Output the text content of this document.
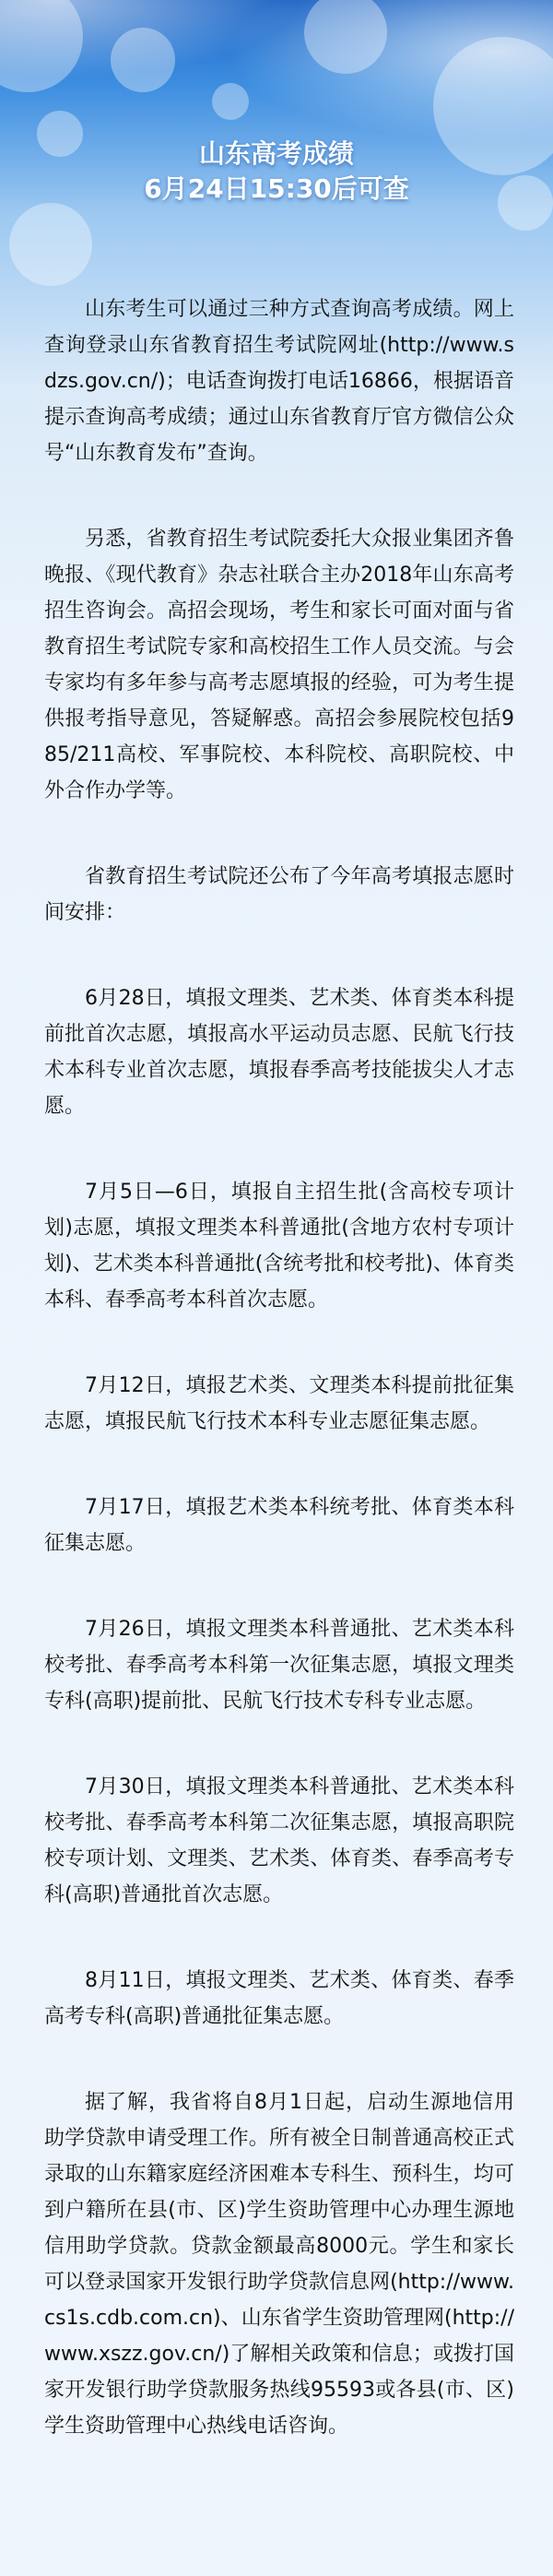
山东高考成绩
6月24日15:30后可查

山东考生可以通过三种方式查询高考成绩。网上查询登录山东省教育招生考试院网址(http://www.sdzs.gov.cn/)；电话查询拨打电话16866，根据语音提示查询高考成绩；通过山东省教育厅官方微信公众号“山东教育发布”查询。

另悉，省教育招生考试院委托大众报业集团齐鲁晚报、《现代教育》杂志社联合主办2018年山东高考招生咨询会。高招会现场，考生和家长可面对面与省教育招生考试院专家和高校招生工作人员交流。与会专家均有多年参与高考志愿填报的经验，可为考生提供报考指导意见，答疑解惑。高招会参展院校包括985/211高校、军事院校、本科院校、高职院校、中外合作办学等。

省教育招生考试院还公布了今年高考填报志愿时间安排：

6月28日，填报文理类、艺术类、体育类本科提前批首次志愿，填报高水平运动员志愿、民航飞行技术本科专业首次志愿，填报春季高考技能拔尖人才志愿。

7月5日—6日，填报自主招生批(含高校专项计划)志愿，填报文理类本科普通批(含地方农村专项计划)、艺术类本科普通批(含统考批和校考批)、体育类本科、春季高考本科首次志愿。

7月12日，填报艺术类、文理类本科提前批征集志愿，填报民航飞行技术本科专业志愿征集志愿。

7月17日，填报艺术类本科统考批、体育类本科征集志愿。

7月26日，填报文理类本科普通批、艺术类本科校考批、春季高考本科第一次征集志愿，填报文理类专科(高职)提前批、民航飞行技术专科专业志愿。

7月30日，填报文理类本科普通批、艺术类本科校考批、春季高考本科第二次征集志愿，填报高职院校专项计划、文理类、艺术类、体育类、春季高考专科(高职)普通批首次志愿。

8月11日，填报文理类、艺术类、体育类、春季高考专科(高职)普通批征集志愿。

据了解，我省将自8月1日起，启动生源地信用助学贷款申请受理工作。所有被全日制普通高校正式录取的山东籍家庭经济困难本专科生、预科生，均可到户籍所在县(市、区)学生资助管理中心办理生源地信用助学贷款。贷款金额最高8000元。学生和家长可以登录国家开发银行助学贷款信息网(http://www.cs1s.cdb.com.cn)、山东省学生资助管理网(http://www.xszz.gov.cn/)了解相关政策和信息；或拨打国家开发银行助学贷款服务热线95593或各县(市、区)学生资助管理中心热线电话咨询。
